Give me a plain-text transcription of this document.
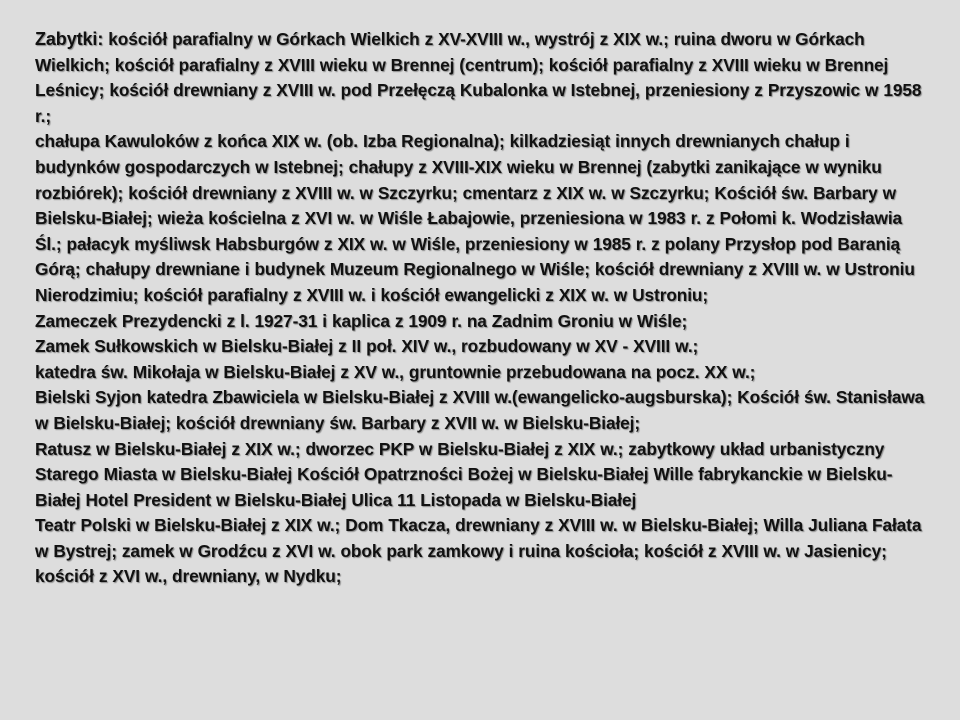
Zabytki: kościół parafialny w Górkach Wielkich z XV-XVIII w., wystrój z XIX w.; ruina dworu w Górkach Wielkich; kościół parafialny z XVIII wieku w Brennej (centrum); kościół parafialny z XVIII wieku w Brennej Leśnicy; kościół drewniany z XVIII w. pod Przełęczą Kubalonka w Istebnej, przeniesiony z Przyszowic w 1958 r.;
chałupa Kawuloków z końca XIX w. (ob. Izba Regionalna); kilkadziesiąt innych drewnianych chałup i budynków gospodarczych w Istebnej; chałupy z XVIII-XIX wieku w Brennej (zabytki zanikające w wyniku rozbiórek); kościół drewniany z XVIII w. w Szczyrku; cmentarz z XIX w. w Szczyrku; Kościół św. Barbary w Bielsku-Białej; wieża kościelna z XVI w. w Wiśle Łabajowie, przeniesiona w 1983 r. z Połomi k. Wodzisławia Śl.; pałacyk myśliwsk Habsburgów z XIX w. w Wiśle, przeniesiony w 1985 r. z polany Przysłop pod Baranią Górą; chałupy drewniane i budynek Muzeum Regionalnego w Wiśle; kościół drewniany z XVIII w. w Ustroniu Nierodzimiu; kościół parafialny z XVIII w. i kościół ewangelicki z XIX w. w Ustroniu;
Zameczek Prezydencki z l. 1927-31 i kaplica z 1909 r. na Zadnim Groniu w Wiśle;
Zamek Sułkowskich w Bielsku-Białej z II poł. XIV w., rozbudowany w XV - XVIII w.;
katedra św. Mikołaja w Bielsku-Białej z XV w., gruntownie przebudowana na pocz. XX w.;
Bielski Syjon katedra Zbawiciela w Bielsku-Białej z XVIII w.(ewangelicko-augsburska); Kościół św. Stanisława w Bielsku-Białej; kościół drewniany św. Barbary z XVII w. w Bielsku-Białej;
Ratusz w Bielsku-Białej z XIX w.; dworzec PKP w Bielsku-Białej z XIX w.; zabytkowy układ urbanistyczny Starego Miasta w Bielsku-Białej Kościół Opatrzności Bożej w Bielsku-Białej Wille fabrykanckie w Bielsku-Białej Hotel President w Bielsku-Białej Ulica 11 Listopada w Bielsku-Białej
Teatr Polski w Bielsku-Białej z XIX w.; Dom Tkacza, drewniany z XVIII w. w Bielsku-Białej; Willa Juliana Fałata w Bystrej; zamek w Grodźcu z XVI w. obok park zamkowy i ruina kościoła; kościół z XVIII w. w Jasienicy; kościół z XVI w., drewniany, w Nydku;
